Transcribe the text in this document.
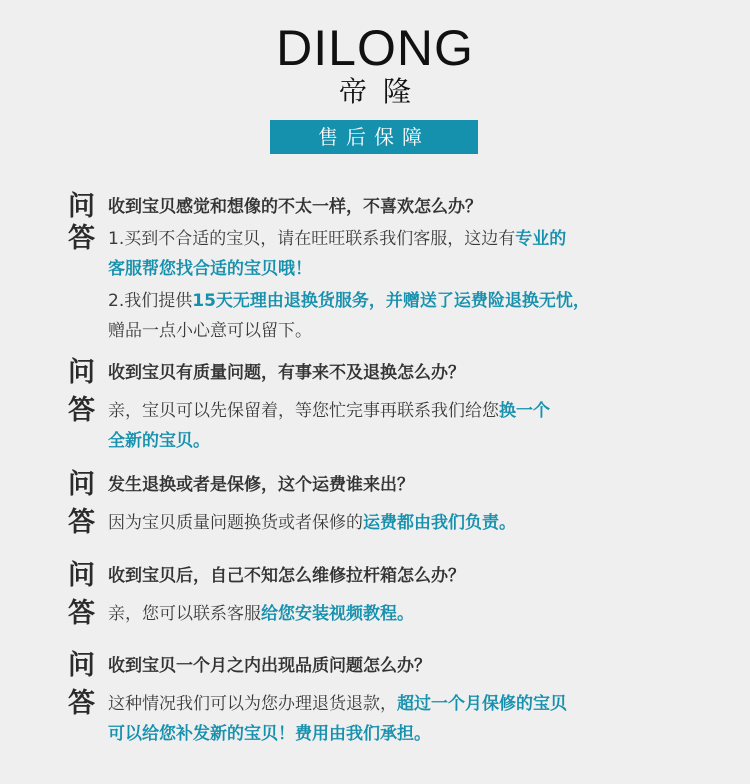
DILONG
帝隆
售后保障
问 收到宝贝感觉和想像的不太一样，不喜欢怎么办？
答 1.买到不合适的宝贝，请在旺旺联系我们客服，这边有专业的
客服帮您找合适的宝贝哦！
2.我们提供15天无理由退换货服务，并赠送了运费险退换无忧，
赠品一点小心意可以留下。
问 收到宝贝有质量问题，有事来不及退换怎么办？
答 亲，宝贝可以先保留着，等您忙完事再联系我们给您换一个
全新的宝贝。
问 发生退换或者是保修，这个运费谁来出？
答 因为宝贝质量问题换货或者保修的运费都由我们负责。
问 收到宝贝后，自己不知怎么维修拉杆箱怎么办？
答 亲，您可以联系客服给您安装视频教程。
问 收到宝贝一个月之内出现品质问题怎么办？
答 这种情况我们可以为您办理退货退款，超过一个月保修的宝贝
可以给您补发新的宝贝！费用由我们承担。
